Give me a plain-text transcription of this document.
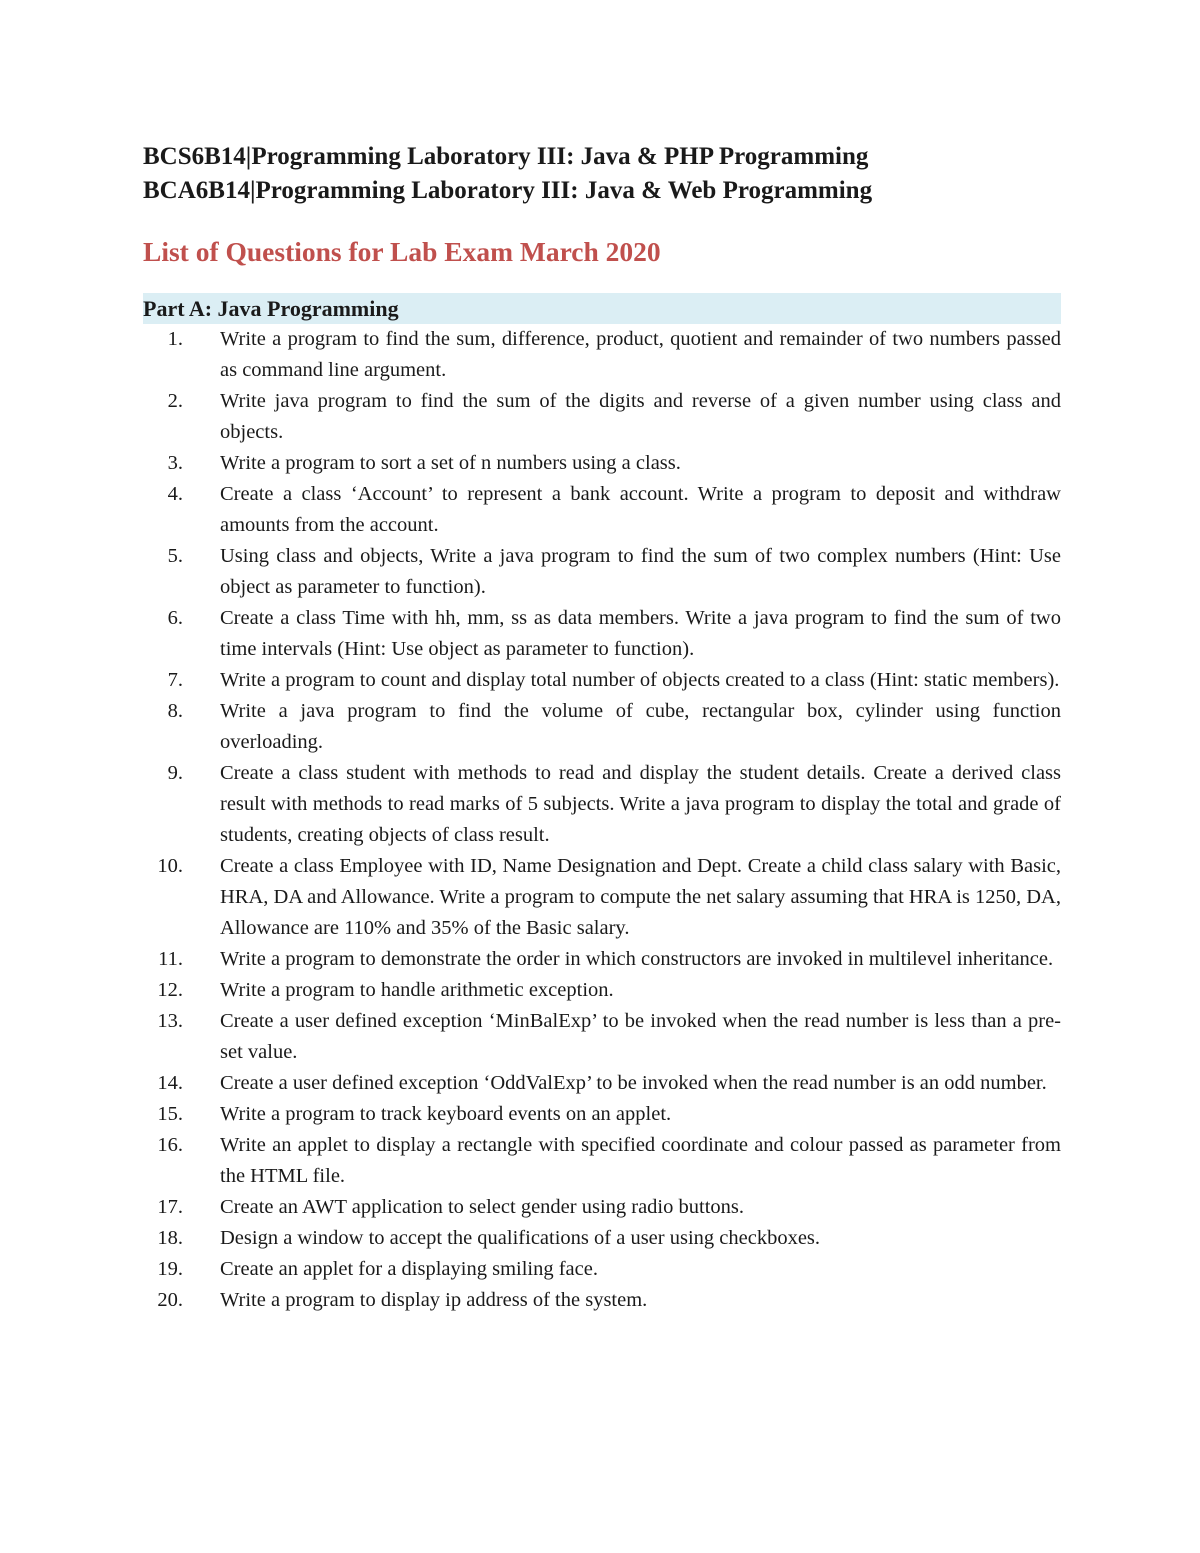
BCS6B14|Programming Laboratory III: Java & PHP Programming

BCA6B14|Programming Laboratory III: Java & Web Programming

List of Questions for Lab Exam March 2020

Part A: Java Programming
1. Write a program to find the sum, difference, product, quotient and remainder of two numbers passed as command line argument.
2. Write java program to find the sum of the digits and reverse of a given number using class and objects.
3. Write a program to sort a set of n numbers using a class.
4. Create a class ‘Account’ to represent a bank account. Write a program to deposit and withdraw amounts from the account.
5. Using class and objects, Write a java program to find the sum of two complex numbers (Hint: Use object as parameter to function).
6. Create a class Time with hh, mm, ss as data members. Write a java program to find the sum of two time intervals (Hint: Use object as parameter to function).
7. Write a program to count and display total number of objects created to a class (Hint: static members).
8. Write a java program to find the volume of cube, rectangular box, cylinder using function overloading.
9. Create a class student with methods to read and display the student details. Create a derived class result with methods to read marks of 5 subjects. Write a java program to display the total and grade of students, creating objects of class result.
10. Create a class Employee with ID, Name Designation and Dept. Create a child class salary with Basic, HRA, DA and Allowance. Write a program to compute the net salary assuming that HRA is 1250, DA, Allowance are 110% and 35% of the Basic salary.
11. Write a program to demonstrate the order in which constructors are invoked in multilevel inheritance.
12. Write a program to handle arithmetic exception.
13. Create a user defined exception ‘MinBalExp’ to be invoked when the read number is less than a pre-set value.
14. Create a user defined exception ‘OddValExp’ to be invoked when the read number is an odd number.
15. Write a program to track keyboard events on an applet.
16. Write an applet to display a rectangle with specified coordinate and colour passed as parameter from the HTML file.
17. Create an AWT application to select gender using radio buttons.
18. Design a window to accept the qualifications of a user using checkboxes.
19. Create an applet for a displaying smiling face.
20. Write a program to display ip address of the system.
